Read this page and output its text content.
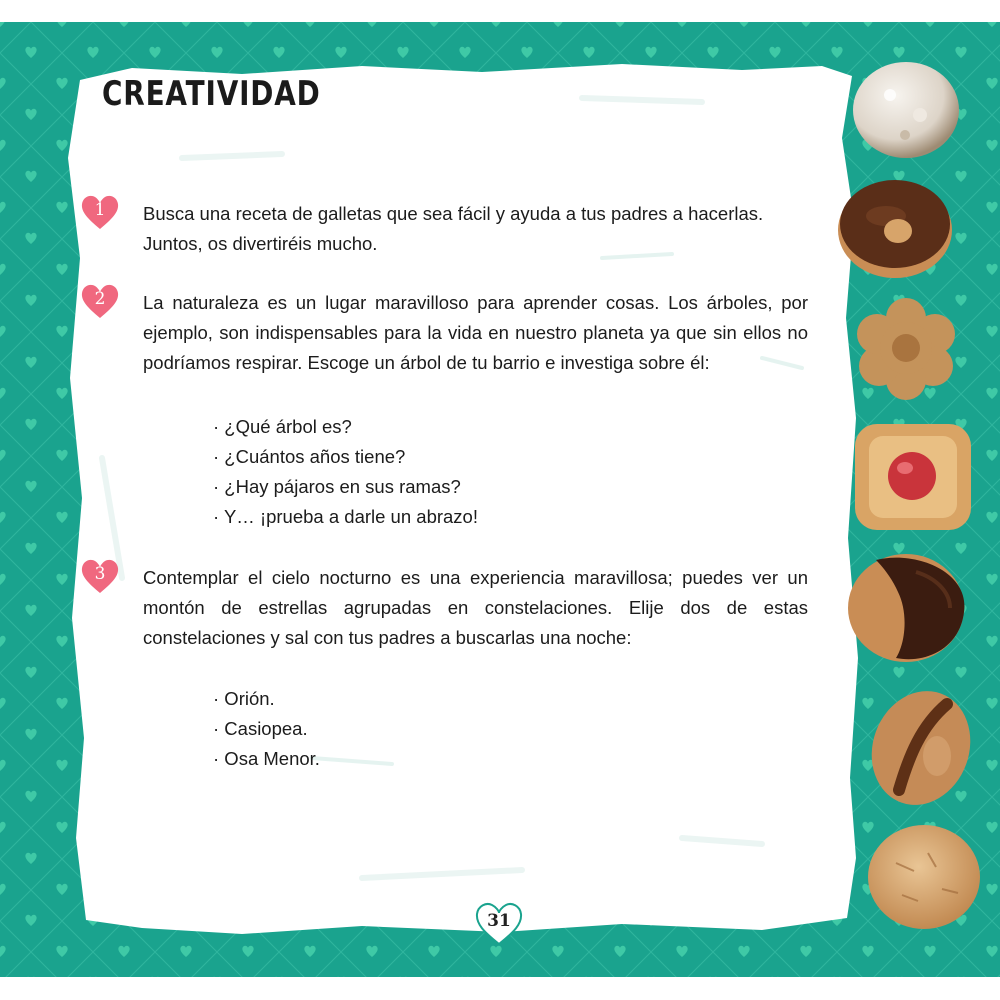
CREATIVIDAD
1	Busca una receta de galletas que sea fácil y ayuda a tus padres a hacerlas. Juntos, os divertiréis mucho.
2	La naturaleza es un lugar maravilloso para aprender cosas. Los árboles, por ejemplo, son indispensables para la vida en nuestro planeta ya que sin ellos no podríamos respirar. Escoge un árbol de tu barrio e investiga sobre él:
· ¿Qué árbol es?
· ¿Cuántos años tiene?
· ¿Hay pájaros en sus ramas?
· Y… ¡prueba a darle un abrazo!
3	Contemplar el cielo nocturno es una experiencia maravillosa; puedes ver un montón de estrellas agrupadas en constelaciones. Elije dos de estas constelaciones y sal con tus padres a buscarlas una noche:
· Orión.
· Casiopea.
· Osa Menor.
31
